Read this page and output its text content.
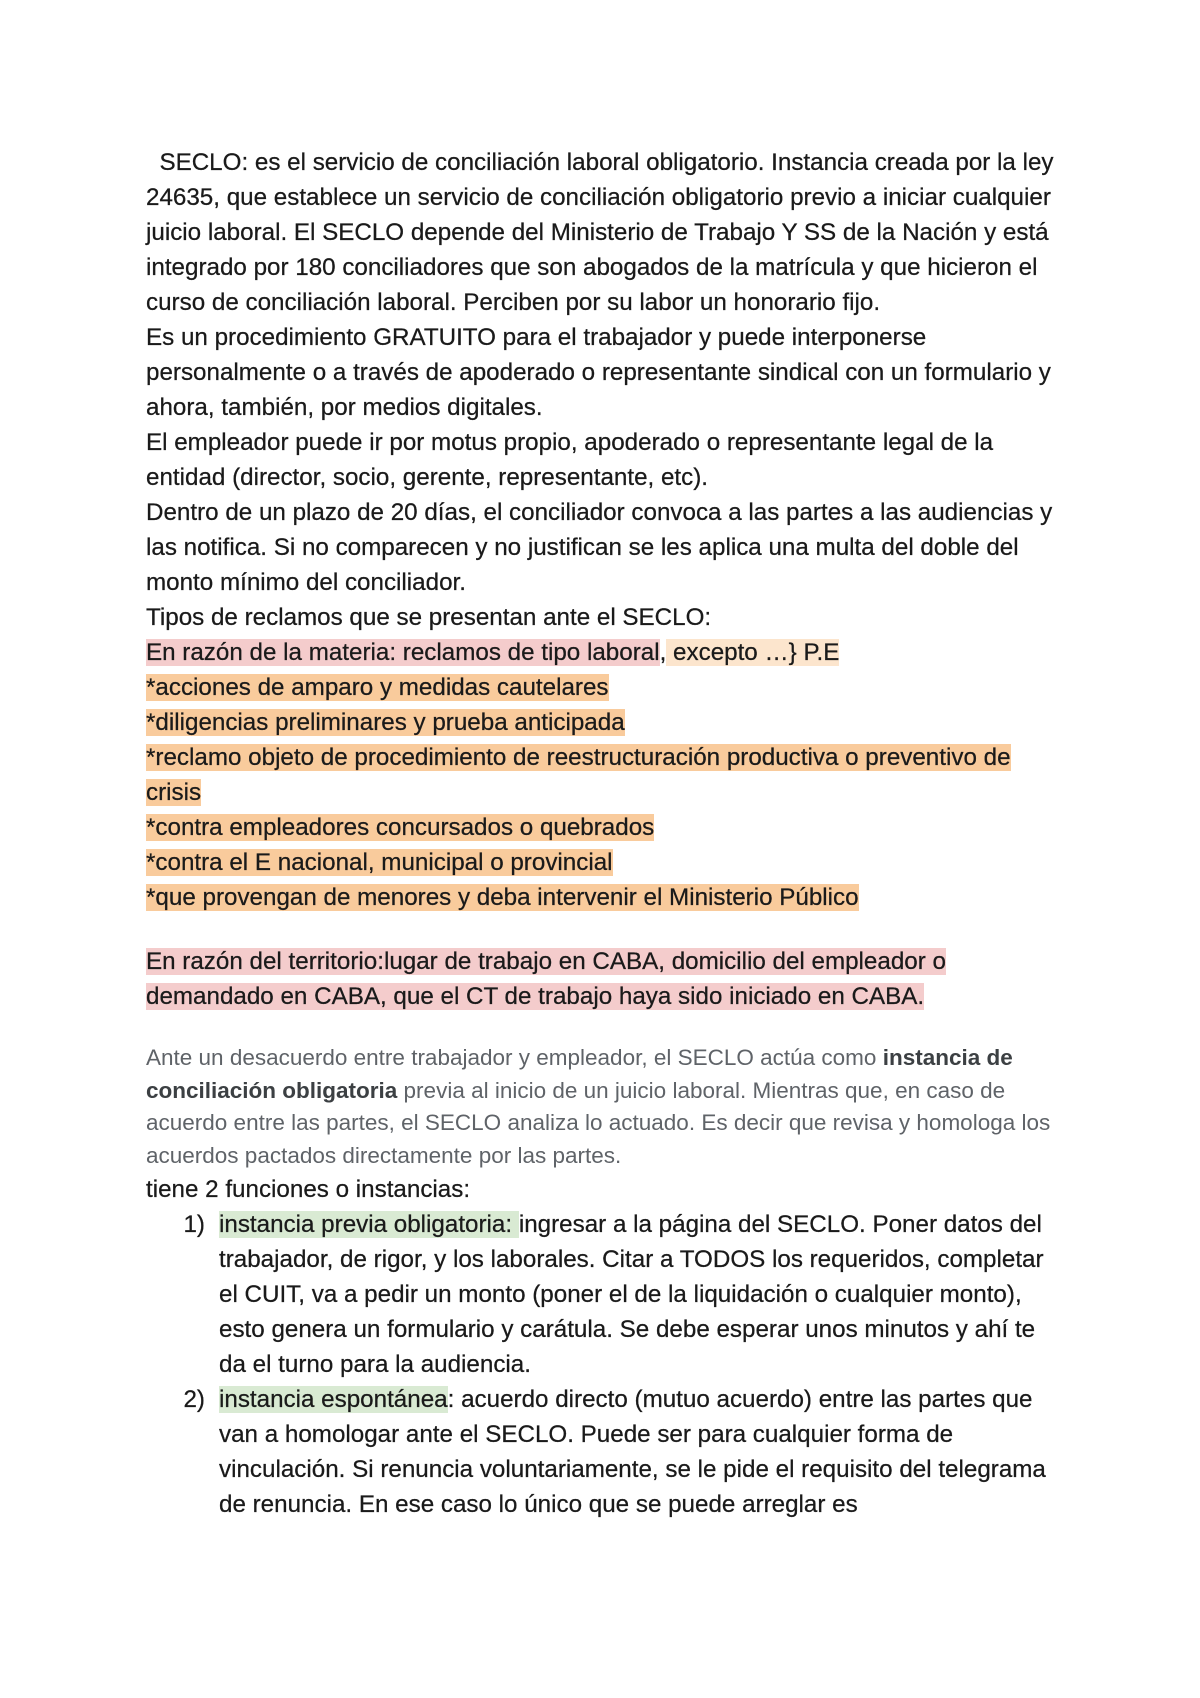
SECLO: es el servicio de conciliación laboral obligatorio. Instancia creada por la ley 24635, que establece un servicio de conciliación obligatorio previo a iniciar cualquier juicio laboral. El SECLO depende del Ministerio de Trabajo Y SS de la Nación y está integrado por 180 conciliadores que son abogados de la matrícula y que hicieron el curso de conciliación laboral. Perciben por su labor un honorario fijo.

Es un procedimiento GRATUITO para el trabajador y puede interponerse personalmente o a través de apoderado o representante sindical con un formulario y ahora, también, por medios digitales.

El empleador puede ir por motus propio, apoderado o representante legal de la entidad (director, socio, gerente, representante, etc).

Dentro de un plazo de 20 días, el conciliador convoca a las partes a las audiencias y las notifica. Si no comparecen y no justifican se les aplica una multa del doble del monto mínimo del conciliador.

Tipos de reclamos que se presentan ante el SECLO:

En razón de la materia: reclamos de tipo laboral, excepto …} P.E

*acciones de amparo y medidas cautelares

*diligencias preliminares y prueba anticipada

*reclamo objeto de procedimiento de reestructuración productiva o preventivo de crisis

*contra empleadores concursados o quebrados

*contra el E nacional, municipal o provincial

*que provengan de menores y deba intervenir el Ministerio Público

En razón del territorio:lugar de trabajo en CABA, domicilio del empleador o demandado en CABA, que el CT de trabajo haya sido iniciado en CABA.

Ante un desacuerdo entre trabajador y empleador, el SECLO actúa como instancia de conciliación obligatoria previa al inicio de un juicio laboral. Mientras que, en caso de acuerdo entre las partes, el SECLO analiza lo actuado. Es decir que revisa y homologa los acuerdos pactados directamente por las partes.

tiene 2 funciones o instancias:

1) instancia previa obligatoria: ingresar a la página del SECLO. Poner datos del trabajador, de rigor, y los laborales. Citar a TODOS los requeridos, completar el CUIT, va a pedir un monto (poner el de la liquidación o cualquier monto), esto genera un formulario y carátula. Se debe esperar unos minutos y ahí te da el turno para la audiencia.
2) instancia espontánea: acuerdo directo (mutuo acuerdo) entre las partes que van a homologar ante el SECLO. Puede ser para cualquier forma de vinculación. Si renuncia voluntariamente, se le pide el requisito del telegrama de renuncia. En ese caso lo único que se puede arreglar es
